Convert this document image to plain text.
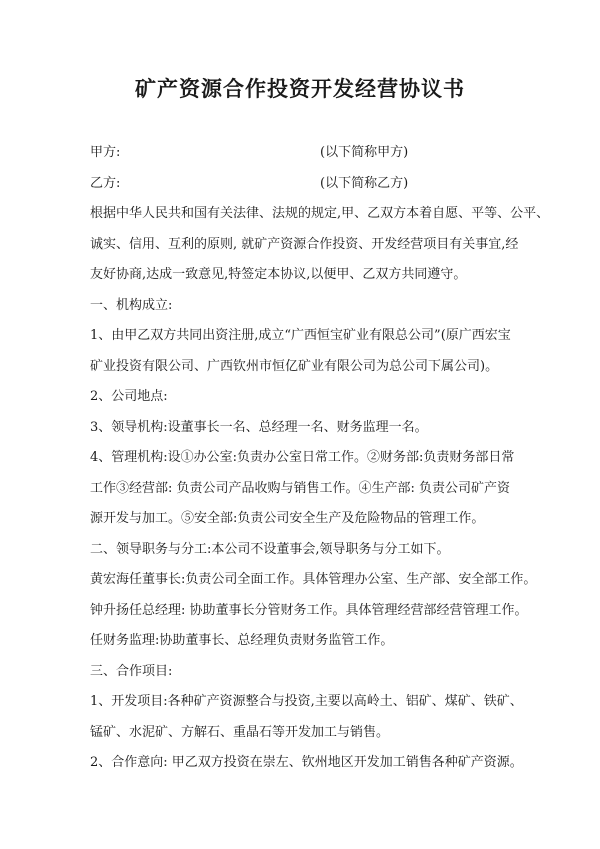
矿产资源合作投资开发经营协议书
甲方:	(以下简称甲方)
乙方:	(以下简称乙方)
根据中华人民共和国有关法律、法规的规定,甲、乙双方本着自愿、平等、公平、
诚实、信用、互利的原则, 就矿产资源合作投资、开发经营项目有关事宜,经
友好协商,达成一致意见,特签定本协议,以便甲、乙双方共同遵守。
一、机构成立:
1、由甲乙双方共同出资注册,成立“广西恒宝矿业有限总公司”(原广西宏宝
矿业投资有限公司、广西钦州市恒亿矿业有限公司为总公司下属公司)。
2、公司地点:
3、领导机构:设董事长一名、总经理一名、财务监理一名。
4、管理机构:设①办公室:负责办公室日常工作。②财务部:负责财务部日常
工作③经营部: 负责公司产品收购与销售工作。④生产部: 负责公司矿产资
源开发与加工。⑤安全部:负责公司安全生产及危险物品的管理工作。
二、领导职务与分工:本公司不设董事会,领导职务与分工如下。
黄宏海任董事长:负责公司全面工作。具体管理办公室、生产部、安全部工作。
钟升扬任总经理: 协助董事长分管财务工作。具体管理经营部经营管理工作。
任财务监理:协助董事长、总经理负责财务监管工作。
三、合作项目:
1、开发项目:各种矿产资源整合与投资,主要以高岭土、铝矿、煤矿、铁矿、
锰矿、水泥矿、方解石、重晶石等开发加工与销售。
2、合作意向: 甲乙双方投资在崇左、钦州地区开发加工销售各种矿产资源。
